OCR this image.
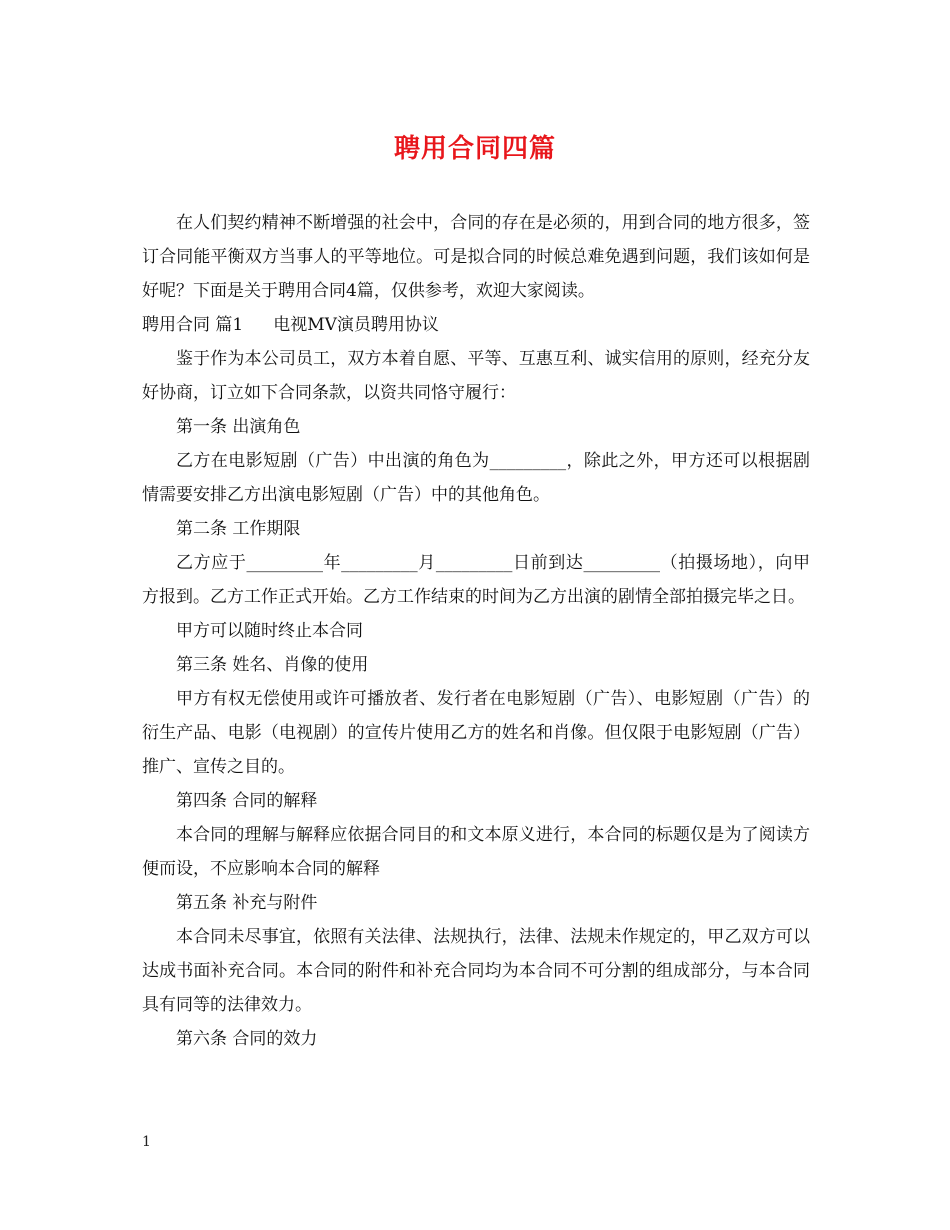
聘用合同四篇

在人们契约精神不断增强的社会中，合同的存在是必须的，用到合同的地方很多，签订合同能平衡双方当事人的平等地位。可是拟合同的时候总难免遇到问题，我们该如何是好呢？下面是关于聘用合同4篇，仅供参考，欢迎大家阅读。

聘用合同 篇1 电视MV演员聘用协议

鉴于作为本公司员工，双方本着自愿、平等、互惠互利、诚实信用的原则，经充分友好协商，订立如下合同条款，以资共同恪守履行：

第一条 出演角色

乙方在电影短剧（广告）中出演的角色为_________，除此之外，甲方还可以根据剧情需要安排乙方出演电影短剧（广告）中的其他角色。

第二条 工作期限

乙方应于_________年_________月_________日前到达_________（拍摄场地），向甲方报到。乙方工作正式开始。乙方工作结束的时间为乙方出演的剧情全部拍摄完毕之日。

甲方可以随时终止本合同

第三条 姓名、肖像的使用

甲方有权无偿使用或许可播放者、发行者在电影短剧（广告）、电影短剧（广告）的衍生产品、电影（电视剧）的宣传片使用乙方的姓名和肖像。但仅限于电影短剧（广告）推广、宣传之目的。

第四条 合同的解释

本合同的理解与解释应依据合同目的和文本原义进行，本合同的标题仅是为了阅读方便而设，不应影响本合同的解释

第五条 补充与附件

本合同未尽事宜，依照有关法律、法规执行，法律、法规未作规定的，甲乙双方可以达成书面补充合同。本合同的附件和补充合同均为本合同不可分割的组成部分，与本合同具有同等的法律效力。

第六条 合同的效力

1
